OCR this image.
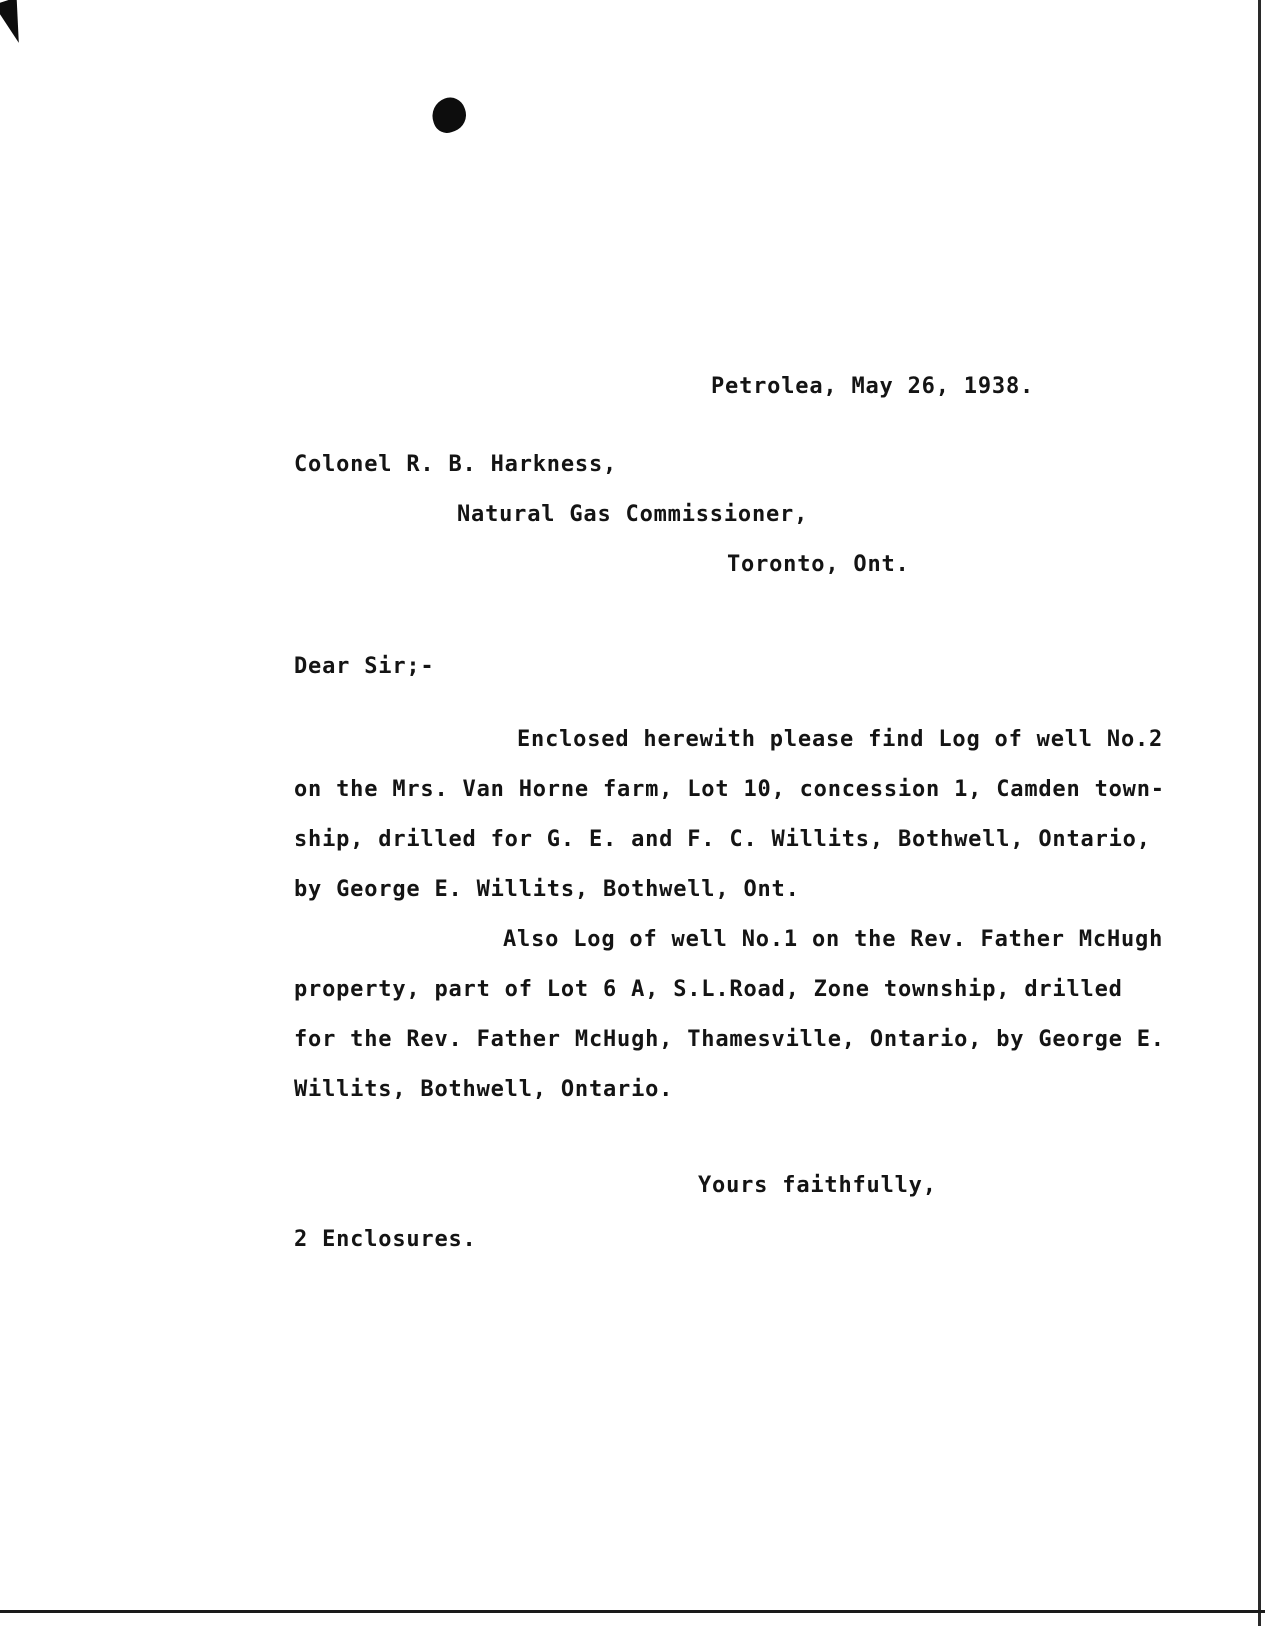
Petrolea, May 26, 1938.
Colonel R. B. Harkness,
Natural Gas Commissioner,
Toronto, Ont.
Dear Sir;-
Enclosed herewith please find Log of well No.2
on the Mrs. Van Horne farm, Lot 10, concession 1, Camden town-
ship, drilled for G. E. and F. C. Willits, Bothwell, Ontario,
by George E. Willits, Bothwell, Ont.
Also Log of well No.1 on the Rev. Father McHugh
property, part of Lot 6 A, S.L.Road, Zone township, drilled
for the Rev. Father McHugh, Thamesville, Ontario, by George E.
Willits, Bothwell, Ontario.
Yours faithfully,
2 Enclosures.
